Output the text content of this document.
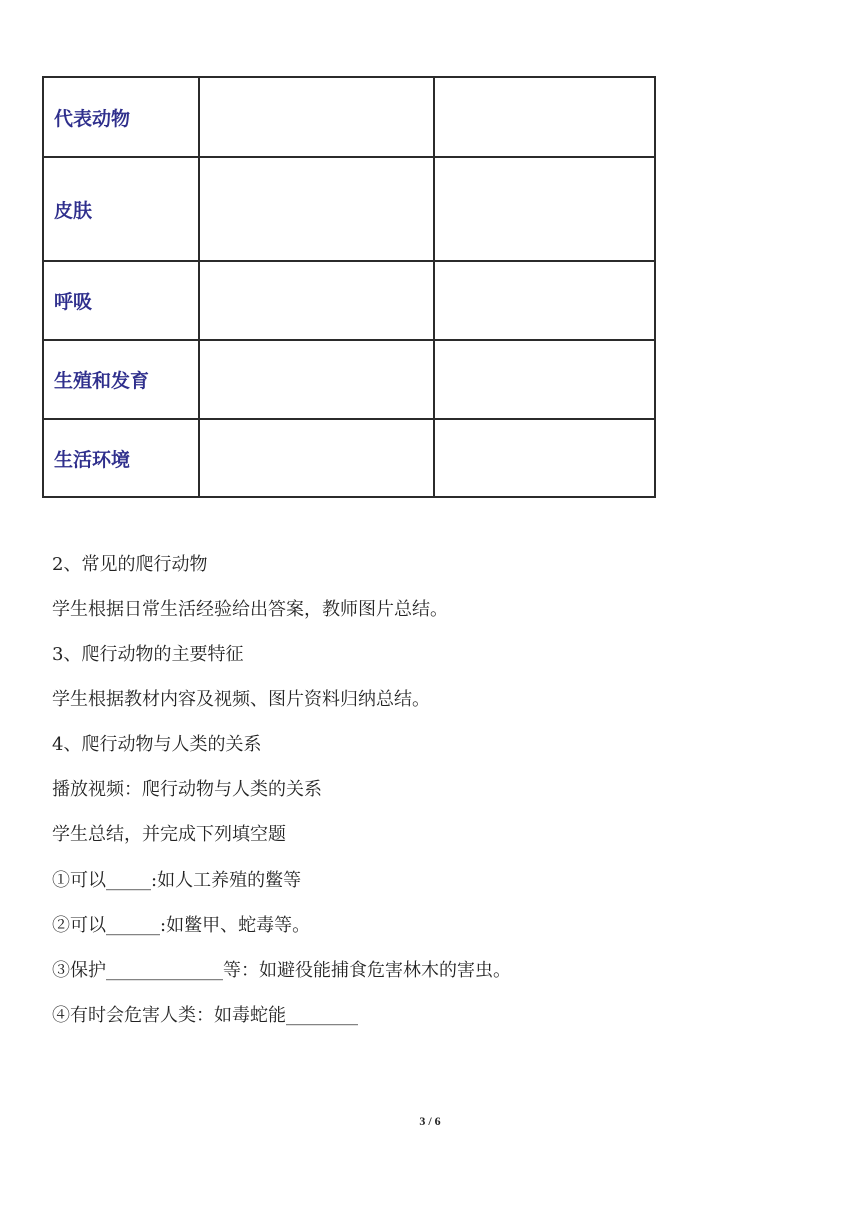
代表动物		
皮肤		
呼吸		
生殖和发育		
生活环境		
2、常见的爬行动物
学生根据日常生活经验给出答案，教师图片总结。
3、爬行动物的主要特征
学生根据教材内容及视频、图片资料归纳总结。
4、爬行动物与人类的关系
播放视频：爬行动物与人类的关系
学生总结，并完成下列填空题
①可以_____:如人工养殖的鳖等
②可以______:如鳖甲、蛇毒等。
③保护_____________等：如避役能捕食危害林木的害虫。
④有时会危害人类：如毒蛇能________
3 / 6
